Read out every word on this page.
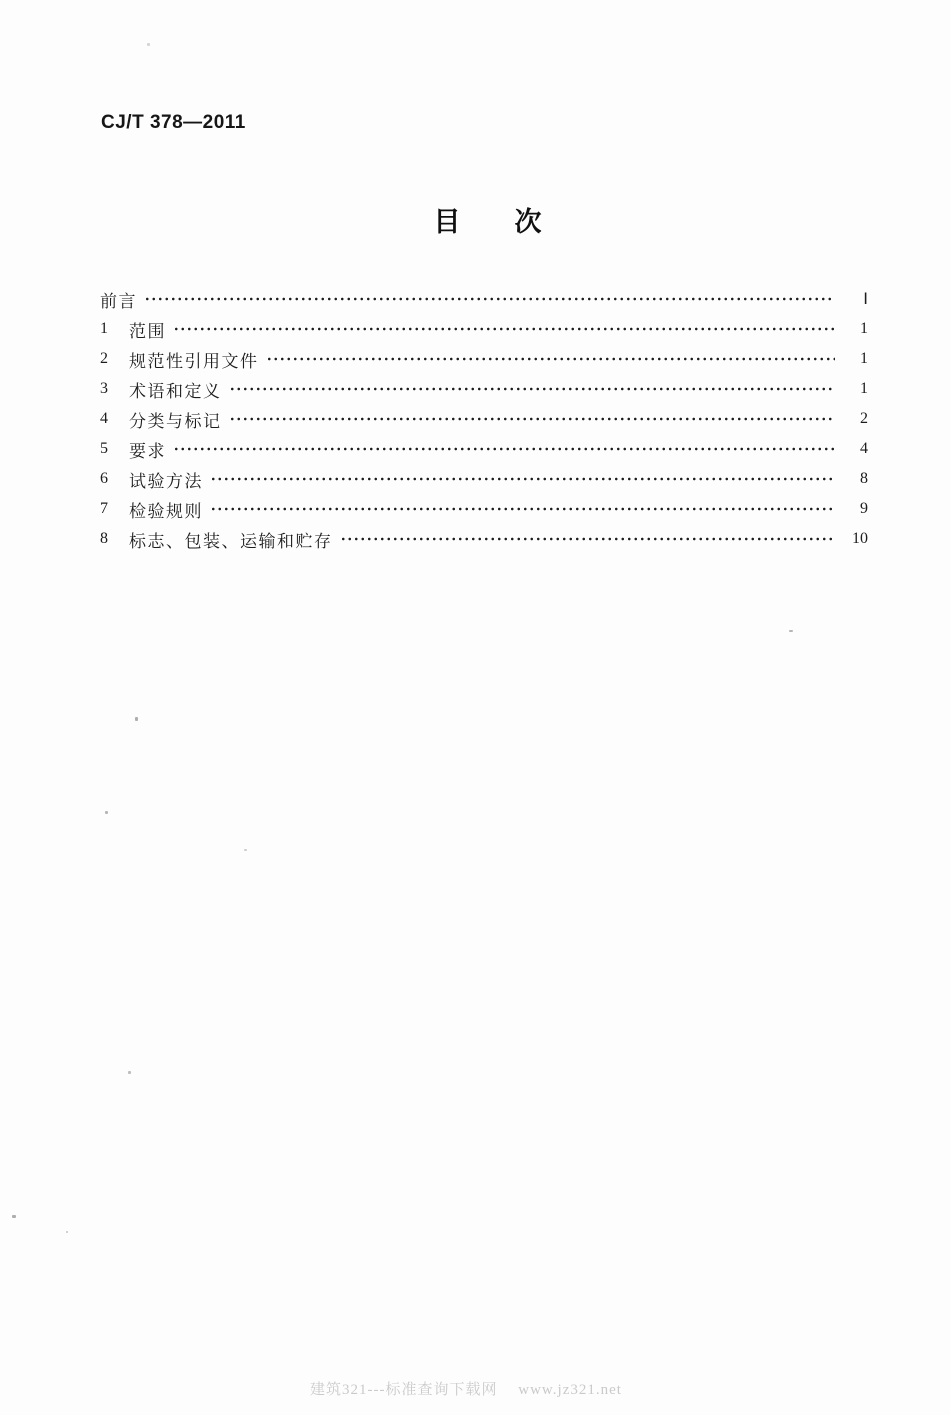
CJ/T 378—2011
目　　次
前言	Ⅰ
1	范围	1
2	规范性引用文件	1
3	术语和定义	1
4	分类与标记	2
5	要求	4
6	试验方法	8
7	检验规则	9
8	标志、包装、运输和贮存	10
建筑321---标准查询下载网　 www.jz321.net
